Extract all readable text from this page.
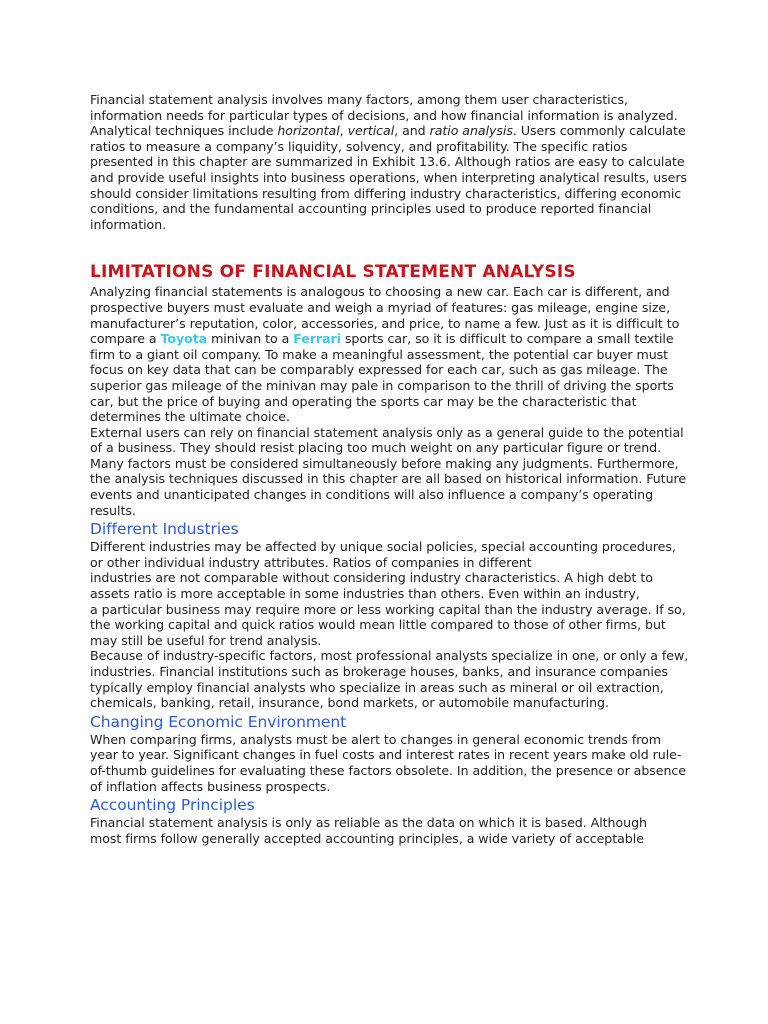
Financial statement analysis involves many factors, among them user characteristics, information needs for particular types of decisions, and how financial information is analyzed. Analytical techniques include horizontal, vertical, and ratio analysis. Users commonly calculate ratios to measure a company’s liquidity, solvency, and profitability. The specific ratios presented in this chapter are summarized in Exhibit 13.6. Although ratios are easy to calculate and provide useful insights into business operations, when interpreting analytical results, users should consider limitations resulting from differing industry characteristics, differing economic conditions, and the fundamental accounting principles used to produce reported financial information.

LIMITATIONS OF FINANCIAL STATEMENT ANALYSIS

Analyzing financial statements is analogous to choosing a new car. Each car is different, and prospective buyers must evaluate and weigh a myriad of features: gas mileage, engine size, manufacturer’s reputation, color, accessories, and price, to name a few. Just as it is difficult to compare a Toyota minivan to a Ferrari sports car, so it is difficult to compare a small textile firm to a giant oil company. To make a meaningful assessment, the potential car buyer must focus on key data that can be comparably expressed for each car, such as gas mileage. The superior gas mileage of the minivan may pale in comparison to the thrill of driving the sports car, but the price of buying and operating the sports car may be the characteristic that determines the ultimate choice.

External users can rely on financial statement analysis only as a general guide to the potential of a business. They should resist placing too much weight on any particular figure or trend. Many factors must be considered simultaneously before making any judgments. Furthermore, the analysis techniques discussed in this chapter are all based on historical information. Future events and unanticipated changes in conditions will also influence a company’s operating results.

Different Industries

Different industries may be affected by unique social policies, special accounting procedures,

or other individual industry attributes. Ratios of companies in different

industries are not comparable without considering industry characteristics. A high debt to assets ratio is more acceptable in some industries than others. Even within an industry,

a particular business may require more or less working capital than the industry average. If so, the working capital and quick ratios would mean little compared to those of other firms, but may still be useful for trend analysis.

Because of industry-specific factors, most professional analysts specialize in one, or only a few, industries. Financial institutions such as brokerage houses, banks, and insurance companies typically employ financial analysts who specialize in areas such as mineral or oil extraction, chemicals, banking, retail, insurance, bond markets, or automobile manufacturing.

Changing Economic Environment

When comparing firms, analysts must be alert to changes in general economic trends from year to year. Significant changes in fuel costs and interest rates in recent years make old rule-of-thumb guidelines for evaluating these factors obsolete. In addition, the presence or absence of inflation affects business prospects.

Accounting Principles

Financial statement analysis is only as reliable as the data on which it is based. Although

most firms follow generally accepted accounting principles, a wide variety of acceptable
